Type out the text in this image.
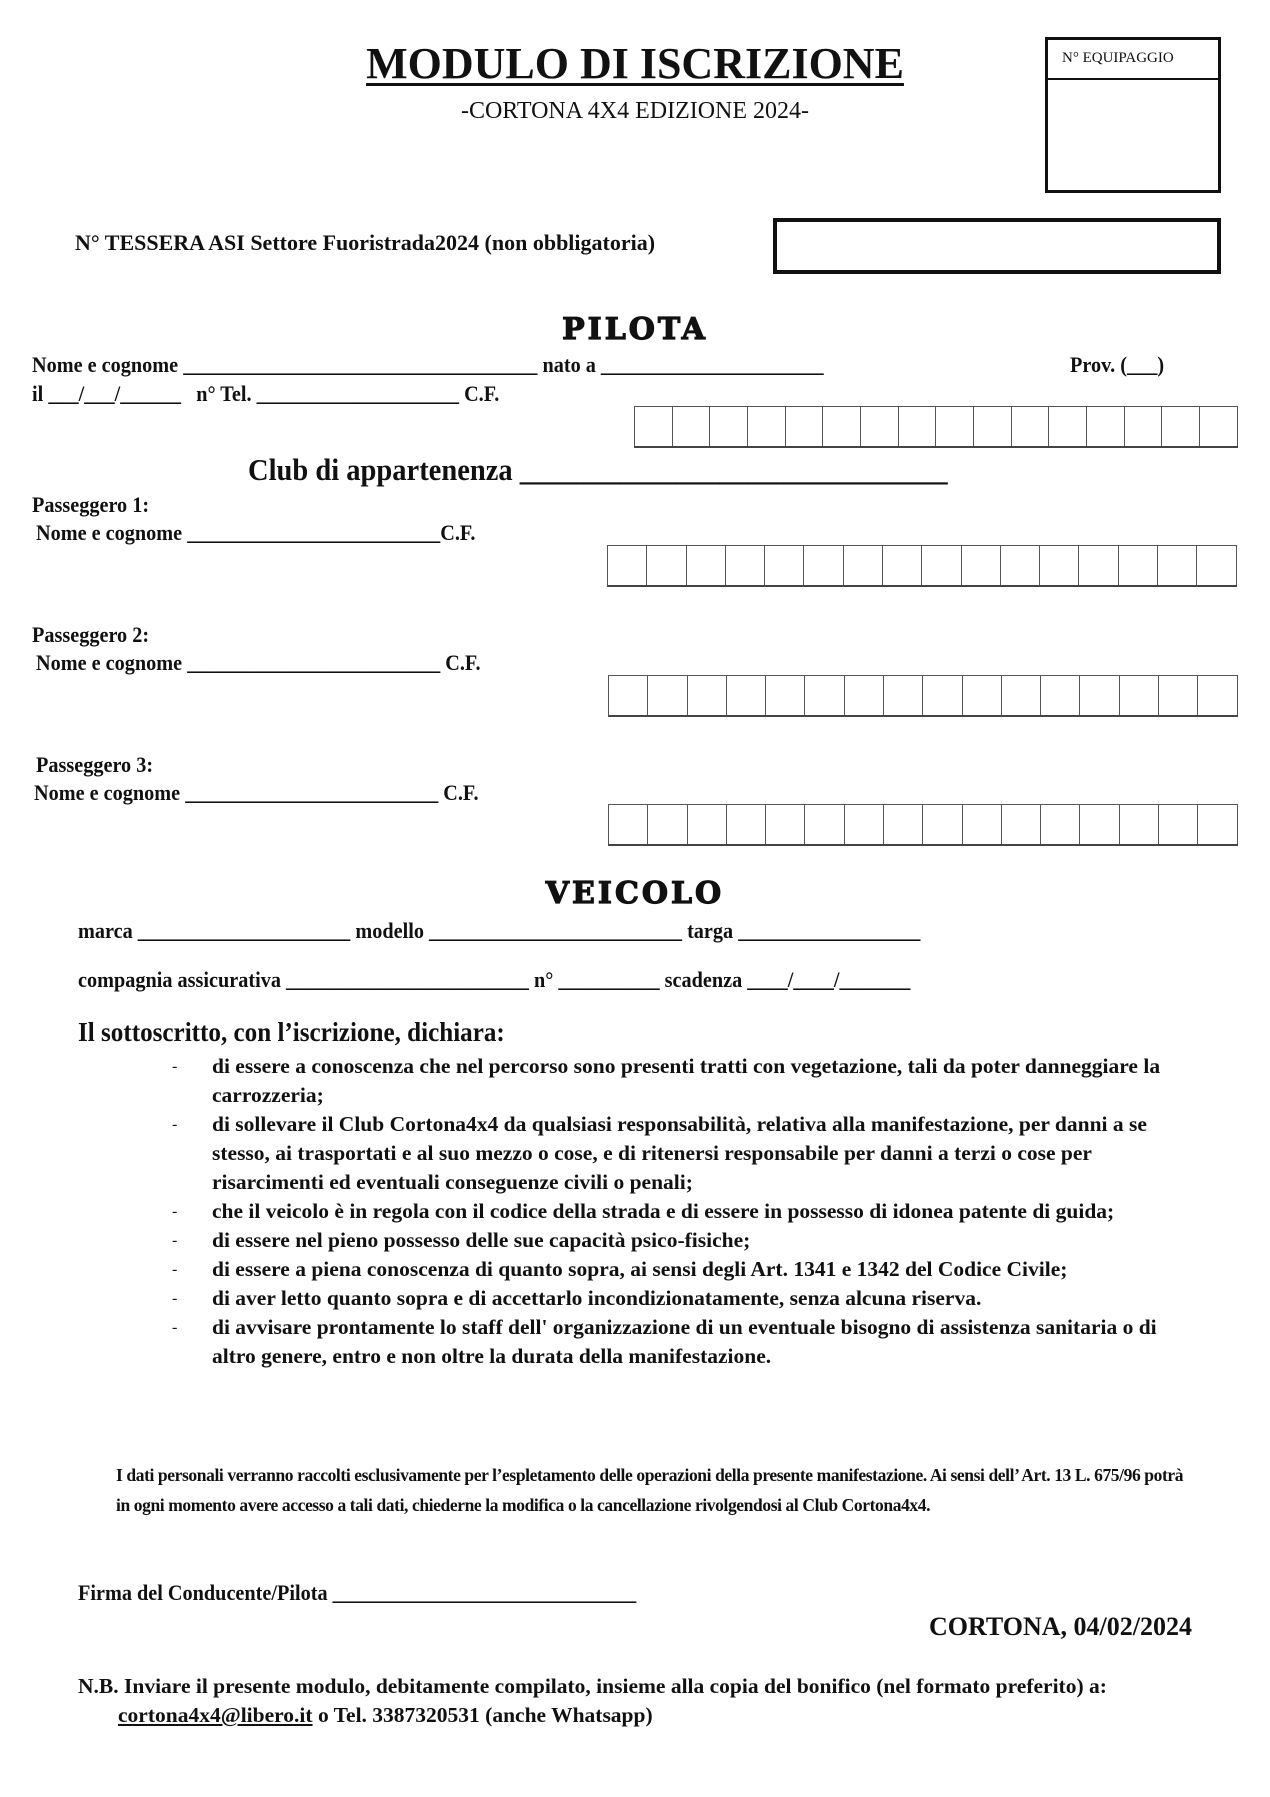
MODULO DI ISCRIZIONE
-CORTONA 4X4 EDIZIONE 2024-
N° EQUIPAGGIO
N° TESSERA ASI Settore Fuoristrada2024 (non obbligatoria)
PILOTA
Nome e cognome ___________________________________ nato a ______________________	Prov. (___)
il ___/___/______ n° Tel. ____________________ C.F.
Club di appartenenza ______________________________
Passeggero 1:
Nome e cognome _________________________C.F.
Passeggero 2:
Nome e cognome _________________________ C.F.
Passeggero 3:
Nome e cognome _________________________ C.F.
VEICOLO
marca _____________________ modello _________________________ targa __________________
compagnia assicurativa ________________________ n° __________ scadenza ____/____/_______
Il sottoscritto, con l’iscrizione, dichiara:
- di essere a conoscenza che nel percorso sono presenti tratti con vegetazione, tali da poter danneggiare la carrozzeria;
- di sollevare il Club Cortona4x4 da qualsiasi responsabilità, relativa alla manifestazione, per danni a se stesso, ai trasportati e al suo mezzo o cose, e di ritenersi responsabile per danni a terzi o cose per risarcimenti ed eventuali conseguenze civili o penali;
- che il veicolo è in regola con il codice della strada e di essere in possesso di idonea patente di guida;
- di essere nel pieno possesso delle sue capacità psico-fisiche;
- di essere a piena conoscenza di quanto sopra, ai sensi degli Art. 1341 e 1342 del Codice Civile;
- di aver letto quanto sopra e di accettarlo incondizionatamente, senza alcuna riserva.
- di avvisare prontamente lo staff dell' organizzazione di un eventuale bisogno di assistenza sanitaria o di altro genere, entro e non oltre la durata della manifestazione.
I dati personali verranno raccolti esclusivamente per l’espletamento delle operazioni della presente manifestazione. Ai sensi dell’ Art. 13 L. 675/96 potrà in ogni momento avere accesso a tali dati, chiederne la modifica o la cancellazione rivolgendosi al Club Cortona4x4.
Firma del Conducente/Pilota ______________________________
CORTONA, 04/02/2024
N.B. Inviare il presente modulo, debitamente compilato, insieme alla copia del bonifico (nel formato preferito) a: cortona4x4@libero.it o Tel. 3387320531 (anche Whatsapp)
